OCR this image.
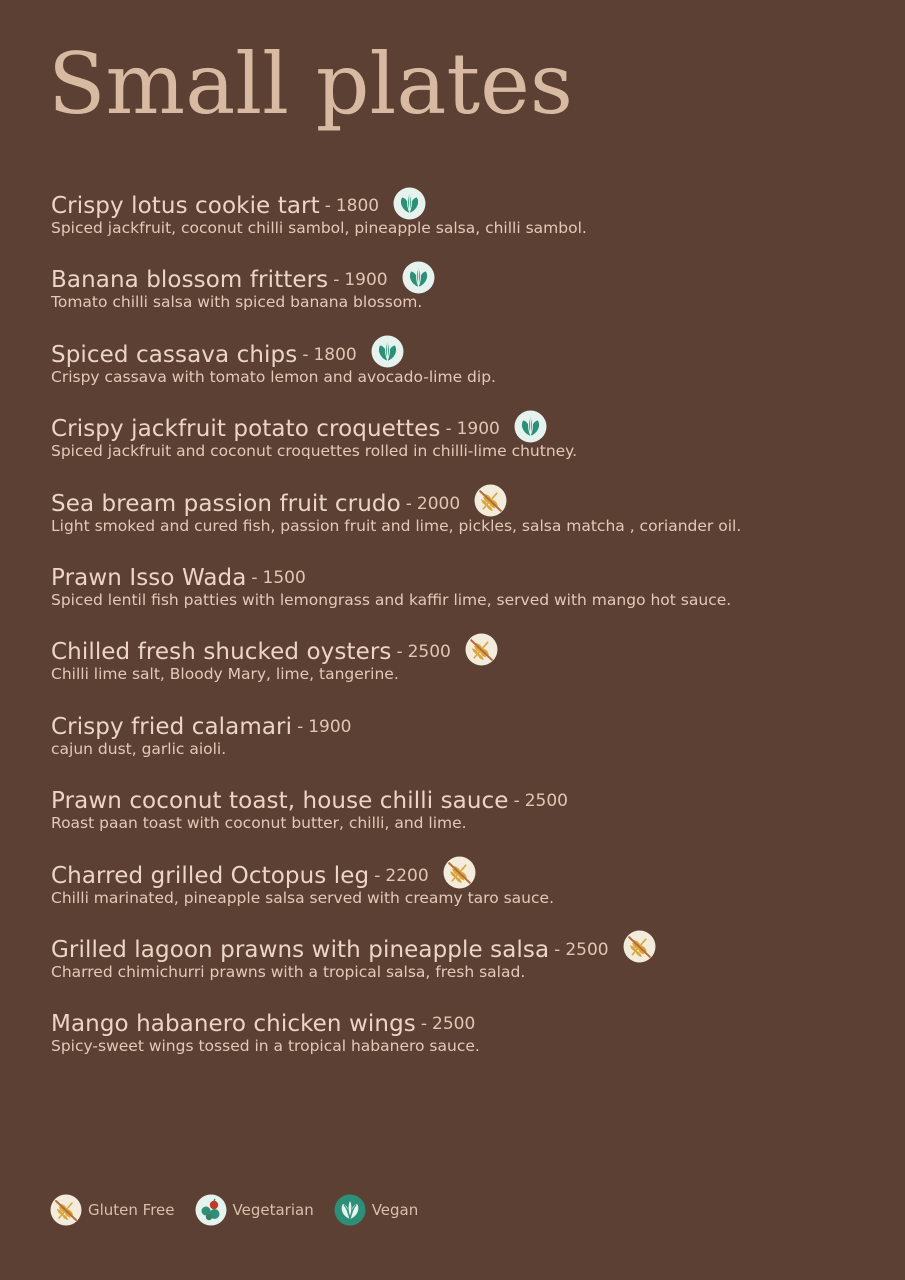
Small plates
Crispy lotus cookie tart - 1800
Spiced jackfruit, coconut chilli sambol, pineapple salsa, chilli sambol.
Banana blossom fritters - 1900
Tomato chilli salsa with spiced banana blossom.
Spiced cassava chips - 1800
Crispy cassava with tomato lemon and avocado-lime dip.
Crispy jackfruit potato croquettes - 1900
Spiced jackfruit and coconut croquettes rolled in chilli-lime chutney.
Sea bream passion fruit crudo - 2000
Light smoked and cured fish, passion fruit and lime, pickles, salsa matcha , coriander oil.
Prawn Isso Wada - 1500
Spiced lentil fish patties with lemongrass and kaffir lime, served with mango hot sauce.
Chilled fresh shucked oysters - 2500
Chilli lime salt, Bloody Mary, lime, tangerine.
Crispy fried calamari - 1900
cajun dust, garlic aioli.
Prawn coconut toast, house chilli sauce - 2500
Roast paan toast with coconut butter, chilli, and lime.
Charred grilled Octopus leg - 2200
Chilli marinated, pineapple salsa served with creamy taro sauce.
Grilled lagoon prawns with pineapple salsa - 2500
Charred chimichurri prawns with a tropical salsa, fresh salad.
Mango habanero chicken wings - 2500
Spicy-sweet wings tossed in a tropical habanero sauce.
Gluten Free	Vegetarian	Vegan
